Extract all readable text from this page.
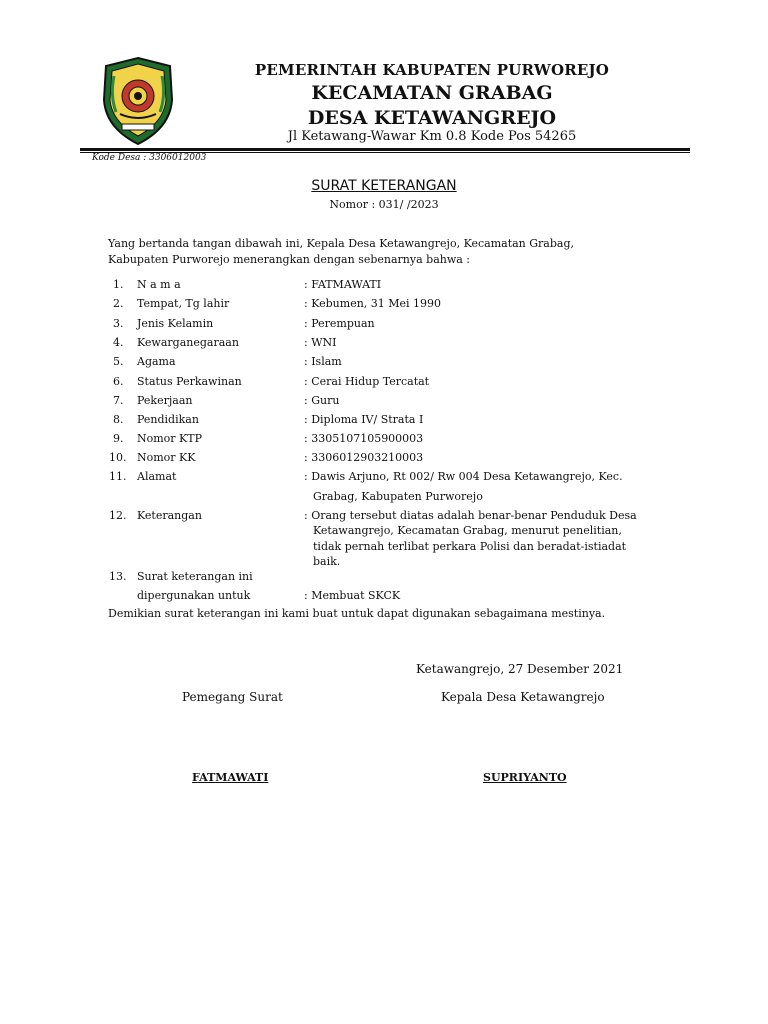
PEMERINTAH KABUPATEN PURWOREJO
KECAMATAN GRABAG
DESA KETAWANGREJO
Jl Ketawang-Wawar Km 0.8 Kode Pos 54265
Kode Desa : 3306012003
SURAT KETERANGAN
Nomor : 031/ /2023
Yang bertanda tangan dibawah ini, Kepala Desa Ketawangrejo, Kecamatan Grabag,
Kabupaten Purworejo menerangkan dengan sebenarnya bahwa :
1. N a m a	: FATMAWATI
2. Tempat, Tg lahir	: Kebumen, 31 Mei 1990
3. Jenis Kelamin	: Perempuan
4. Kewarganegaraan	: WNI
5. Agama	: Islam
6. Status Perkawinan	: Cerai Hidup Tercatat
7. Pekerjaan	: Guru
8. Pendidikan	: Diploma IV/ Strata I
9. Nomor KTP	: 3305107105900003
10. Nomor KK	: 3306012903210003
11. Alamat	: Dawis Arjuno, Rt 002/ Rw 004 Desa Ketawangrejo, Kec.
Grabag, Kabupaten Purworejo
12. Keterangan	: Orang tersebut diatas adalah benar-benar Penduduk Desa
Ketawangrejo, Kecamatan Grabag, menurut penelitian,
tidak pernah terlibat perkara Polisi dan beradat-istiadat
baik.
13. Surat keterangan ini
dipergunakan untuk	: Membuat SKCK
Demikian surat keterangan ini kami buat untuk dapat digunakan sebagaimana mestinya.
Ketawangrejo, 27 Desember 2021
Pemegang Surat	Kepala Desa Ketawangrejo
FATMAWATI	SUPRIYANTO
